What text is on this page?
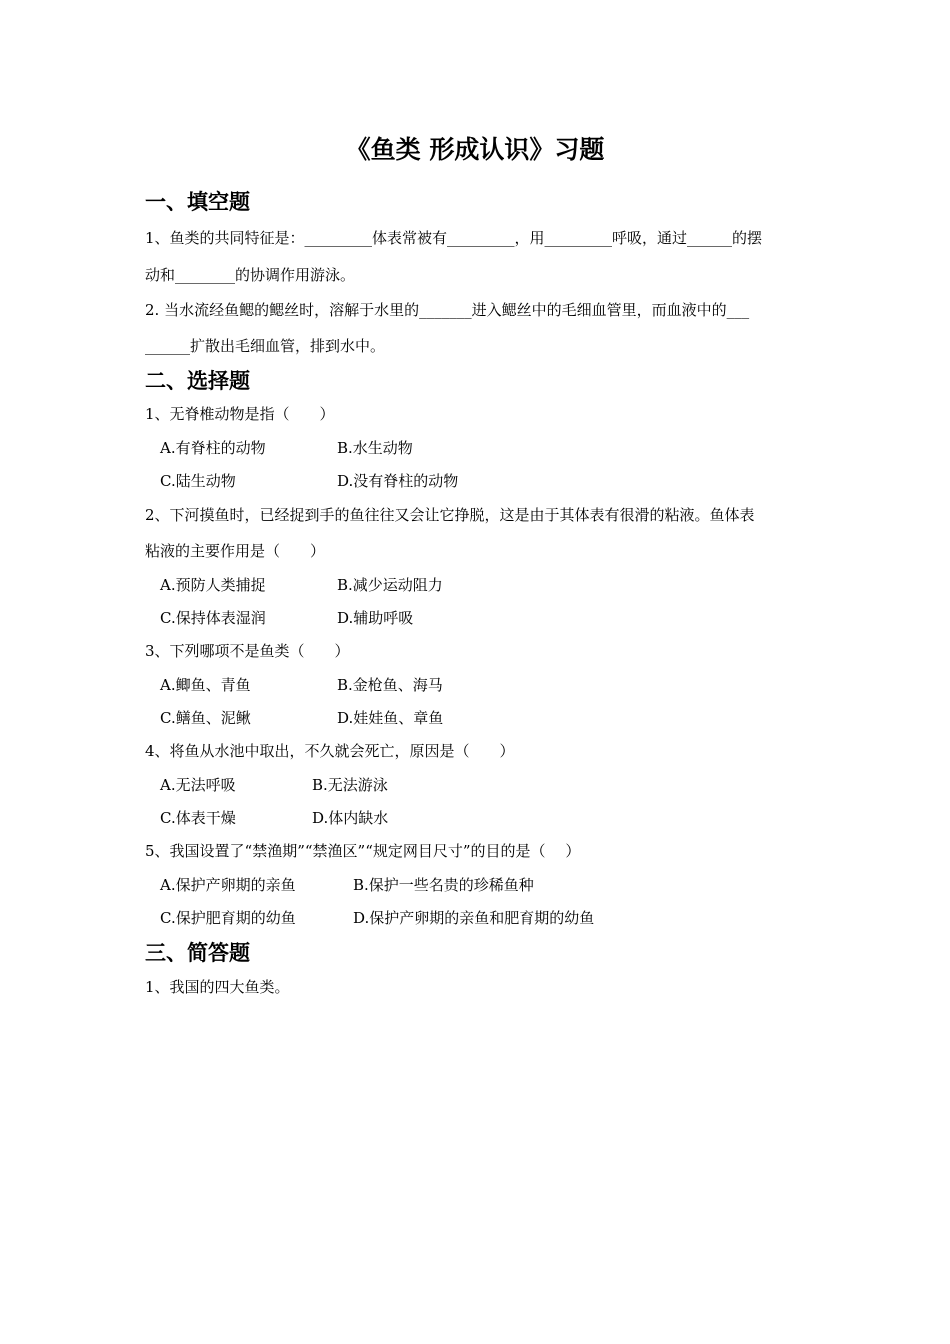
《鱼类 形成认识》习题
一、填空题
1、鱼类的共同特征是：_________体表常被有_________，用_________呼吸，通过______的摆
动和________的协调作用游泳。
2. 当水流经鱼鳃的鳃丝时，溶解于水里的_______进入鳃丝中的毛细血管里，而血液中的___
______扩散出毛细血管，排到水中。
二、选择题
1、无脊椎动物是指（　　）
A.有脊柱的动物	B.水生动物
C.陆生动物	D.没有脊柱的动物
2、下河摸鱼时，已经捉到手的鱼往往又会让它挣脱，这是由于其体表有很滑的粘液。鱼体表
粘液的主要作用是（　　）
A.预防人类捕捉	B.减少运动阻力
C.保持体表湿润	D.辅助呼吸
3、下列哪项不是鱼类（　　）
A.鲫鱼、青鱼	B.金枪鱼、海马
C.鳝鱼、泥鳅	D.娃娃鱼、章鱼
4、将鱼从水池中取出，不久就会死亡，原因是（　　）
A.无法呼吸	B.无法游泳
C.体表干燥	D.体内缺水
5、我国设置了“禁渔期”“禁渔区”“规定网目尺寸”的目的是（　 ）
A.保护产卵期的亲鱼	B.保护一些名贵的珍稀鱼种
C.保护肥育期的幼鱼	D.保护产卵期的亲鱼和肥育期的幼鱼
三、简答题
1、我国的四大鱼类。
